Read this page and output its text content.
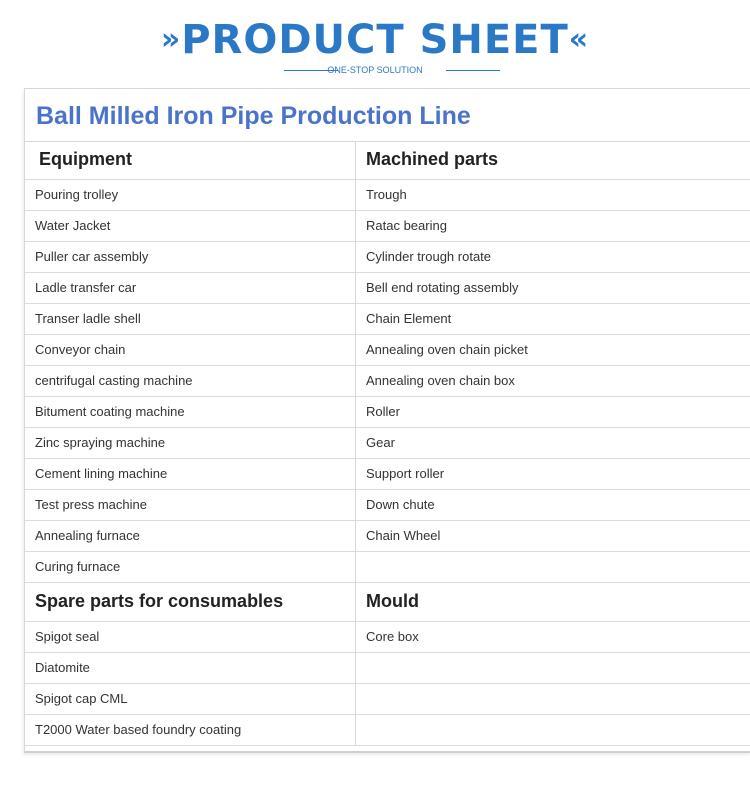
»PRODUCT SHEET«
ONE-STOP SOLUTION
Ball Milled Iron Pipe Production Line
Equipment	Machined parts
Pouring trolley	Trough
Water Jacket	Ratac bearing
Puller car assembly	Cylinder trough rotate
Ladle transfer car	Bell end rotating assembly
Transer ladle shell	Chain Element
Conveyor chain	Annealing oven chain picket
centrifugal casting machine	Annealing oven chain box
Bitument coating machine	Roller
Zinc spraying machine	Gear
Cement lining machine	Support roller
Test press machine	Down chute
Annealing furnace	Chain Wheel
Curing furnace
Spare parts for consumables	Mould
Spigot seal	Core box
Diatomite
Spigot cap CML
T2000 Water based foundry coating
